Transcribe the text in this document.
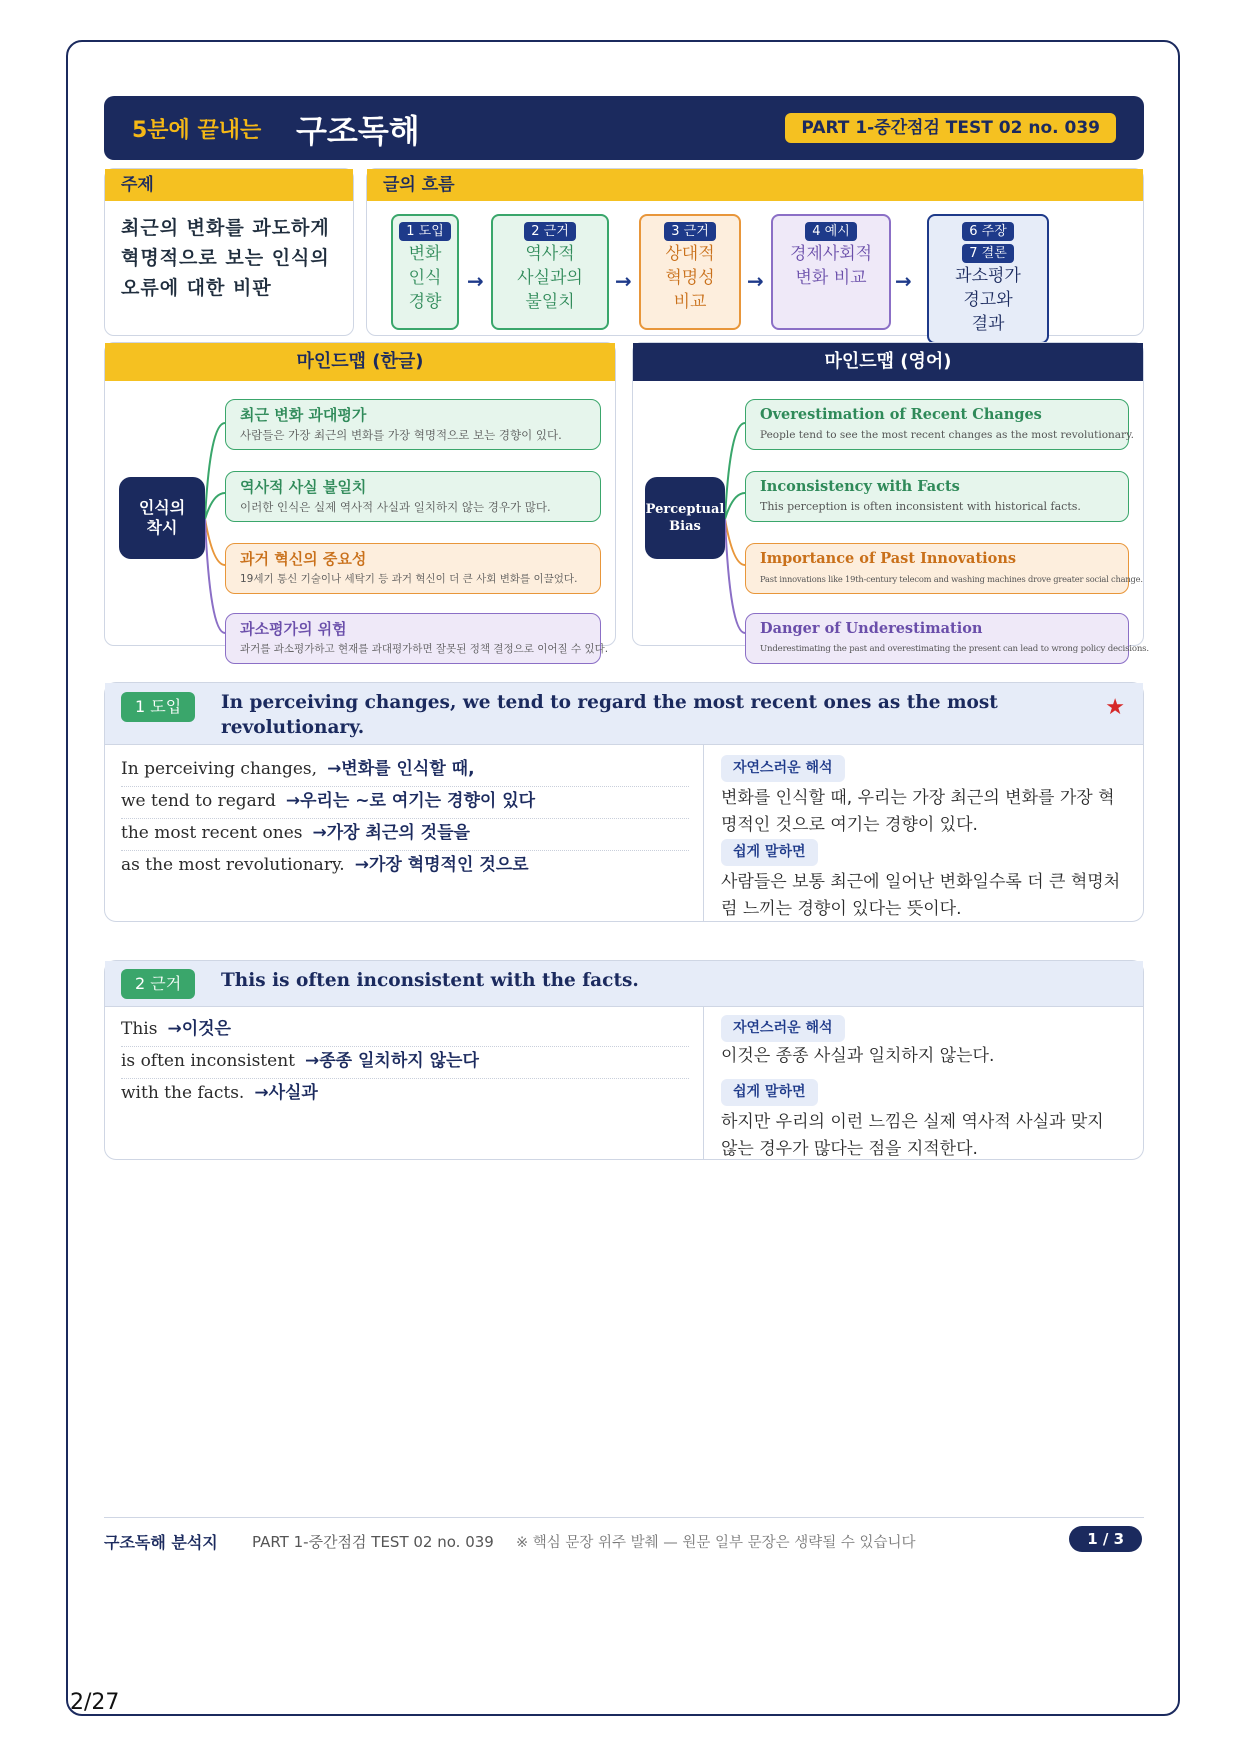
5분에 끝내는 구조독해	PART 1-중간점검 TEST 02 no. 039
주제
최근의 변화를 과도하게 혁명적으로 보는 인식의 오류에 대한 비판
글의 흐름
1 도입
변화
인식
경향
→
2 근거
역사적
사실과의
불일치
→
3 근거
상대적
혁명성
비교
→
4 예시
경제사회적
변화 비교	→
6 주장
7 결론
과소평가
경고와
결과
마인드맵 (한글)
인식의
착시
최근 변화 과대평가
사람들은 가장 최근의 변화를 가장 혁명적으로 보는 경향이 있다.
역사적 사실 불일치
이러한 인식은 실제 역사적 사실과 일치하지 않는 경우가 많다.
과거 혁신의 중요성
19세기 통신 기술이나 세탁기 등 과거 혁신이 더 큰 사회 변화를 이끌었다.
과소평가의 위험
과거를 과소평가하고 현재를 과대평가하면 잘못된 정책 결정으로 이어질 수 있다.
마인드맵 (영어)
Perceptual
Bias
Overestimation of Recent Changes
People tend to see the most recent changes as the most revolutionary.
Inconsistency with Facts
This perception is often inconsistent with historical facts.
Importance of Past Innovations
Past innovations like 19th-century telecom and washing machines drove greater social change.
Danger of Underestimation
Underestimating the past and overestimating the present can lead to wrong policy decisions.
1 도입	In perceiving changes, we tend to regard the most recent ones as the most revolutionary.
★
In perceiving changes, →변화를 인식할 때,
we tend to regard →우리는 ~로 여기는 경향이 있다
the most recent ones →가장 최근의 것들을
as the most revolutionary. →가장 혁명적인 것으로
자연스러운 해석
변화를 인식할 때, 우리는 가장 최근의 변화를 가장 혁명적인 것으로 여기는 경향이 있다.
쉽게 말하면
사람들은 보통 최근에 일어난 변화일수록 더 큰 혁명처럼 느끼는 경향이 있다는 뜻이다.
2 근거	This is often inconsistent with the facts.
This →이것은
is often inconsistent →종종 일치하지 않는다
with the facts. →사실과
자연스러운 해석
이것은 종종 사실과 일치하지 않는다.
쉽게 말하면
하지만 우리의 이런 느낌은 실제 역사적 사실과 맞지 않는 경우가 많다는 점을 지적한다.
구조독해 분석지 PART 1-중간점검 TEST 02 no. 039 ※ 핵심 문장 위주 발췌 — 원문 일부 문장은 생략될 수 있습니다	1 / 3
2/27
